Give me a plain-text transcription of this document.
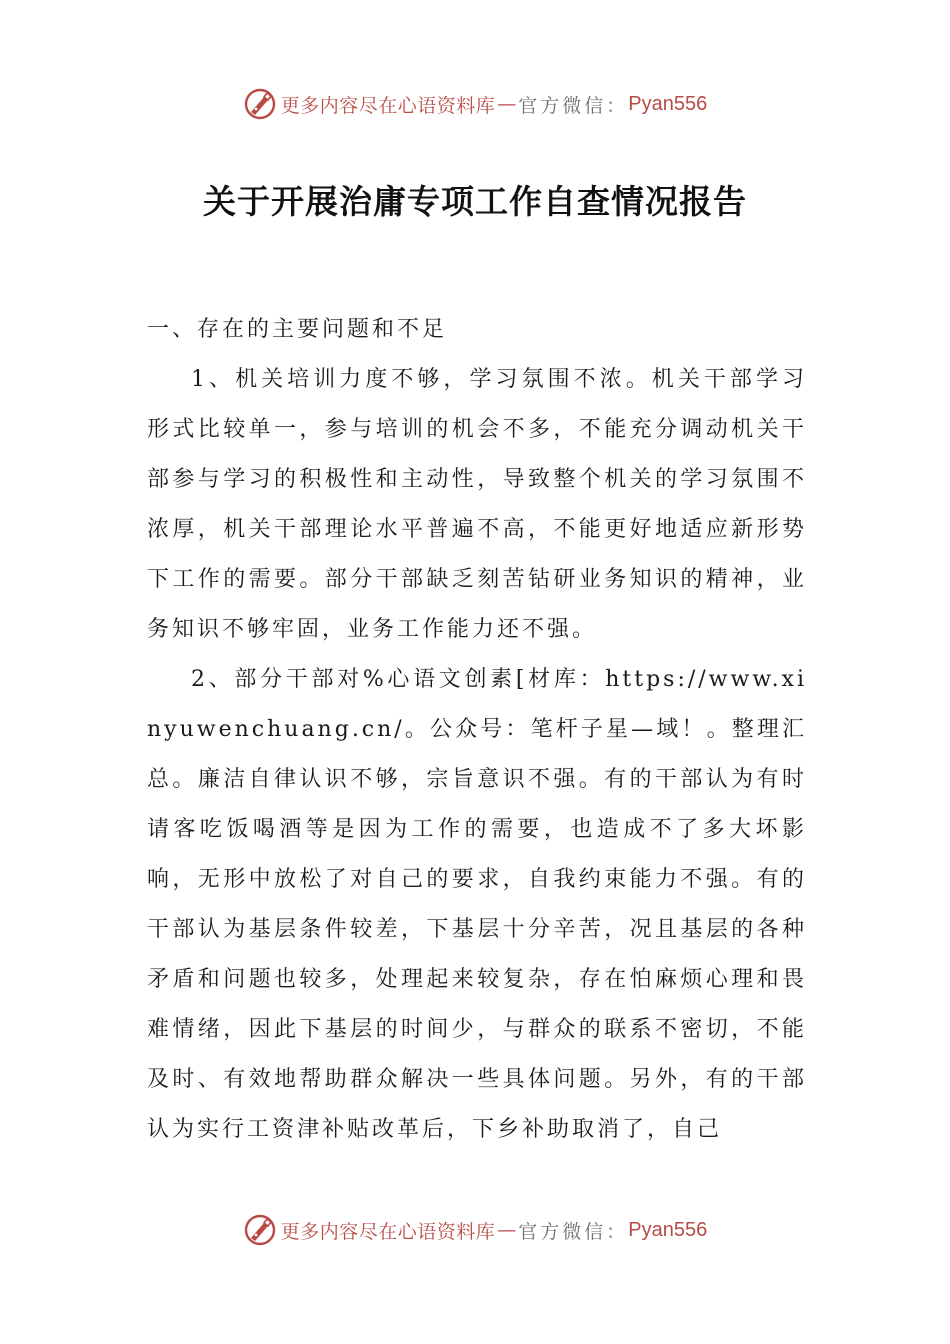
更多内容尽在心语资料库 — 官方微信： Pyan556
关于开展治庸专项工作自查情况报告

一、存在的主要问题和不足

1、机关培训力度不够，学习氛围不浓。机关干部学习形式比较单一，参与培训的机会不多，不能充分调动机关干部参与学习的积极性和主动性，导致整个机关的学习氛围不浓厚，机关干部理论水平普遍不高，不能更好地适应新形势下工作的需要。部分干部缺乏刻苦钻研业务知识的精神，业务知识不够牢固，业务工作能力还不强。

2、部分干部对%心语文创素[材库：https://www.xinyuwenchuang.cn/。公众号：笔杆子星—域！。整理汇总。廉洁自律认识不够，宗旨意识不强。有的干部认为有时请客吃饭喝酒等是因为工作的需要，也造成不了多大坏影响，无形中放松了对自己的要求，自我约束能力不强。有的干部认为基层条件较差，下基层十分辛苦，况且基层的各种矛盾和问题也较多，处理起来较复杂，存在怕麻烦心理和畏难情绪，因此下基层的时间少，与群众的联系不密切，不能及时、有效地帮助群众解决一些具体问题。另外，有的干部认为实行工资津补贴改革后，下乡补助取消了，自己

更多内容尽在心语资料库 — 官方微信： Pyan556
